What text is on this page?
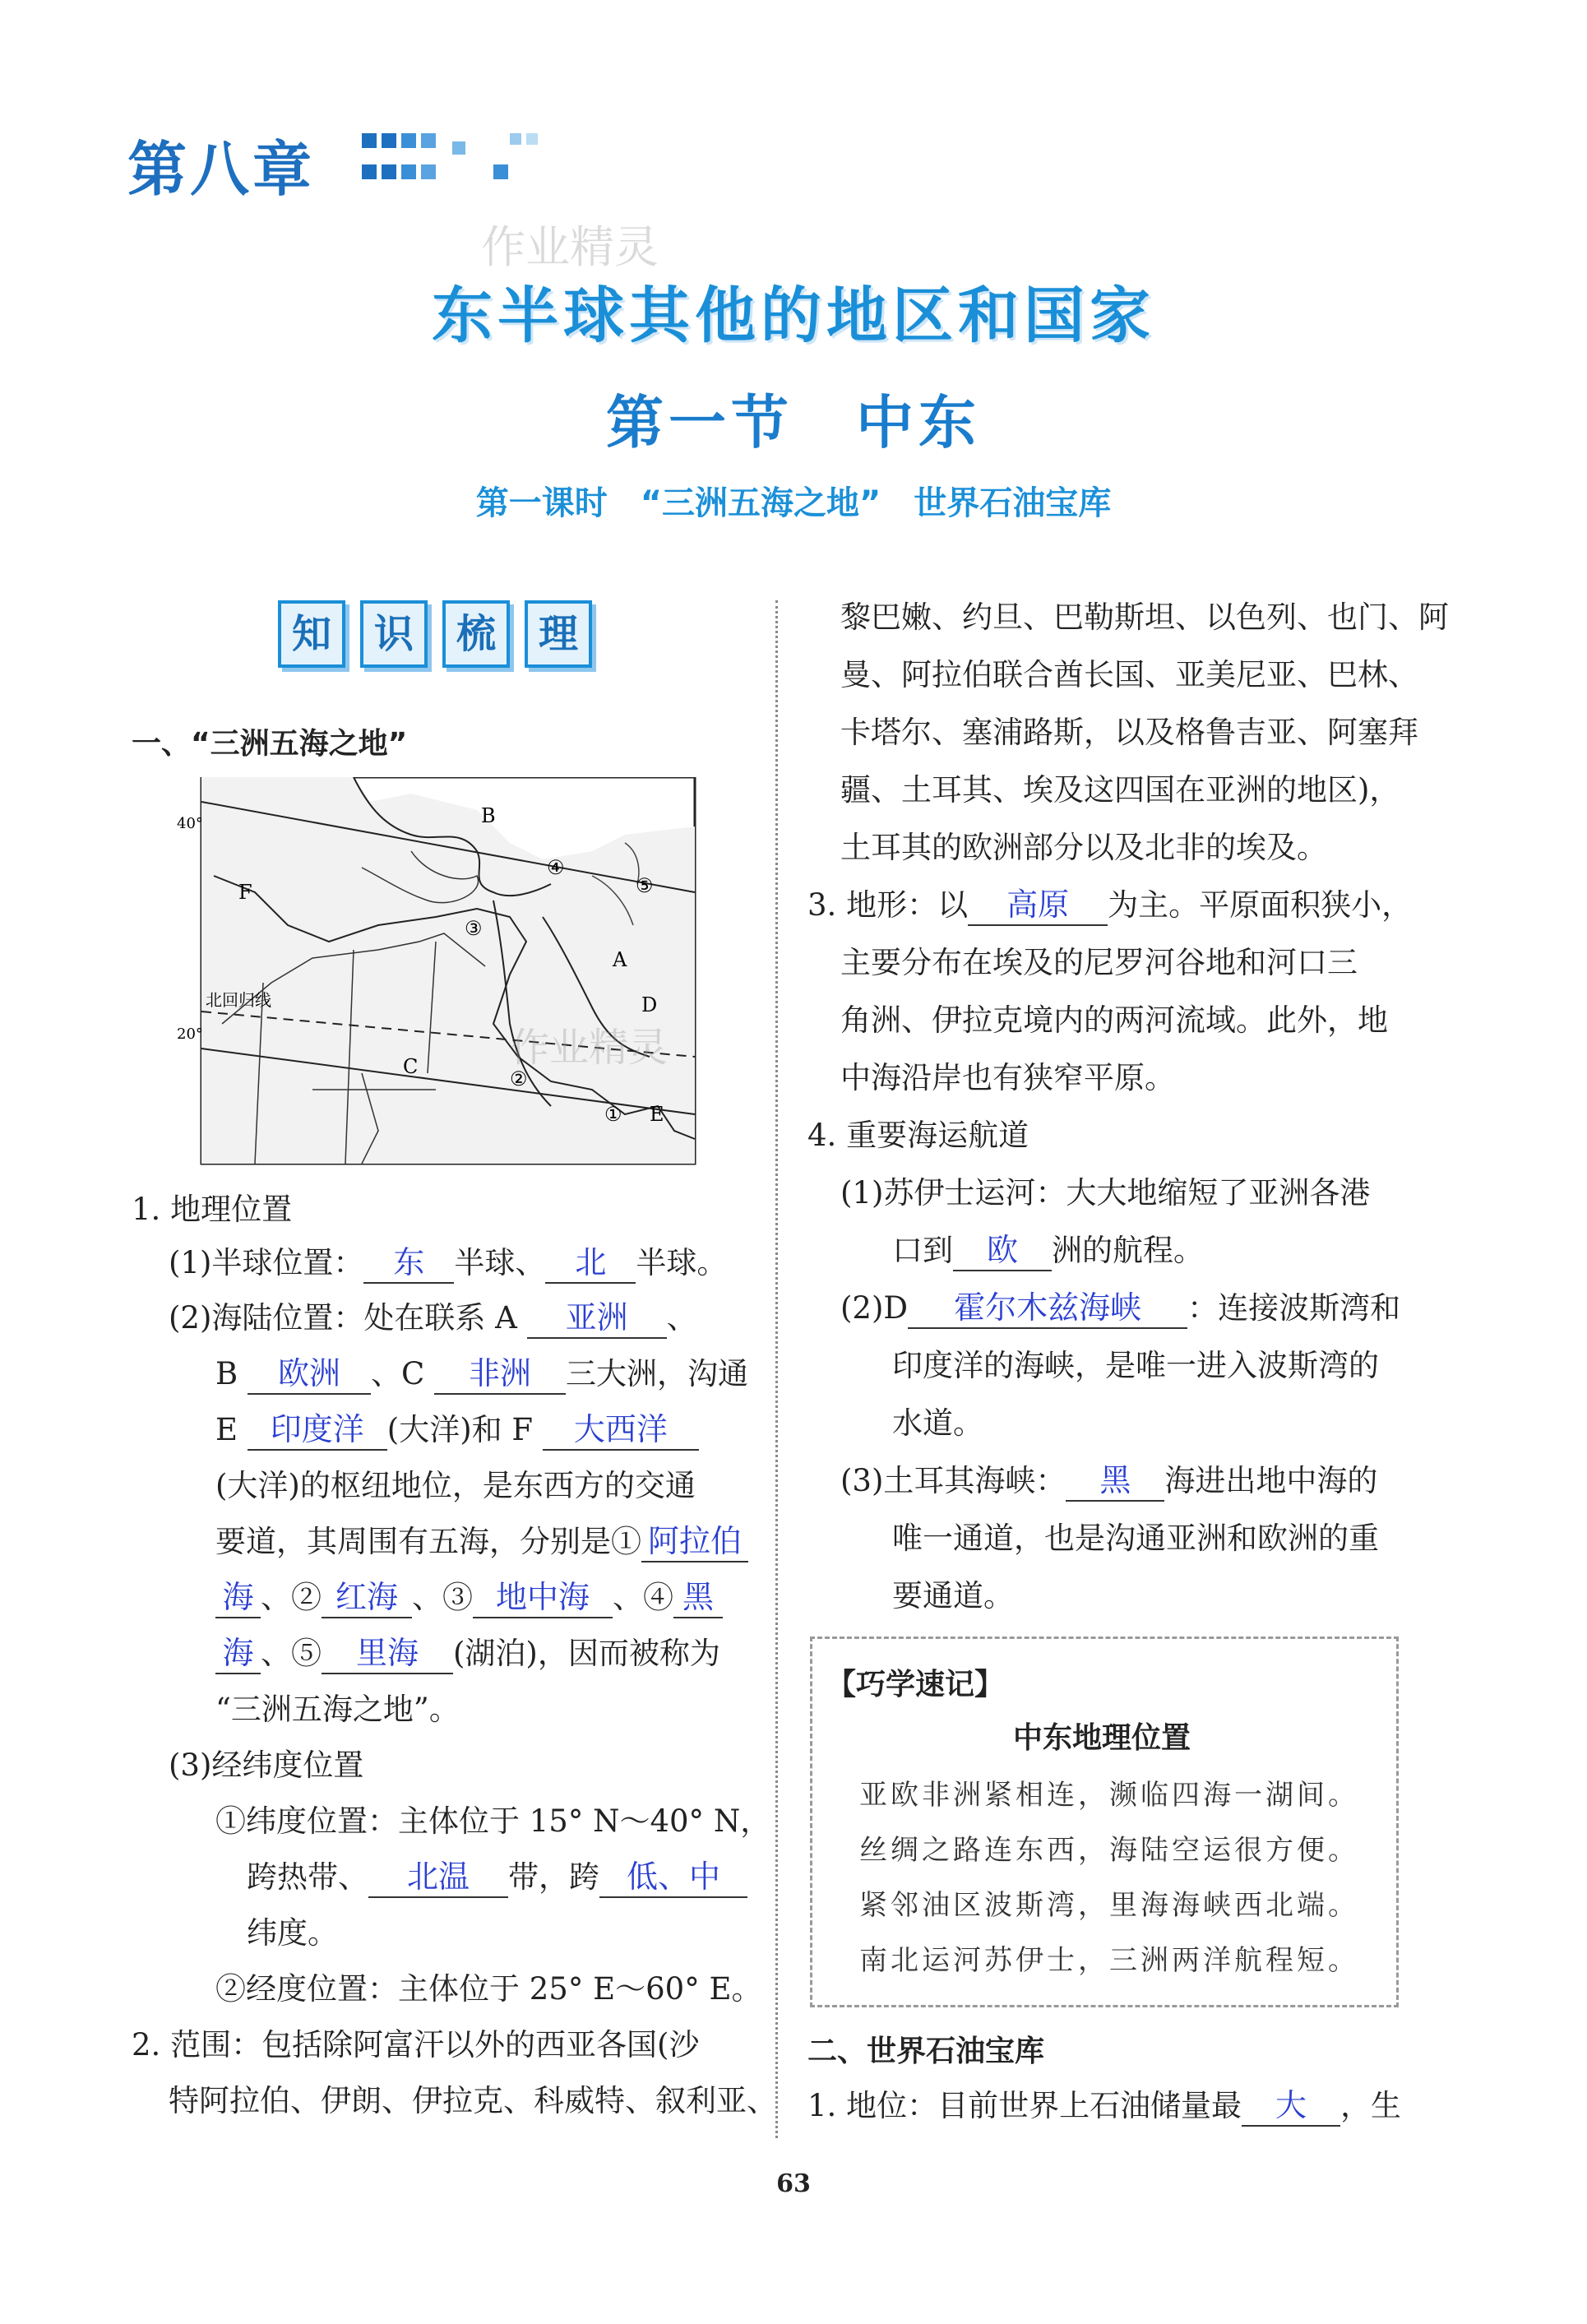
第八章
作业精灵
东半球其他的地区和国家
第一节　中东
第一课时　“三洲五海之地”　世界石油宝库
知	识	梳	理
一、“三洲五海之地”
40°
20°
北回归线
B
F
A
C
D
E
①
②
③
④
⑤
作业精灵
1. 地理位置
(1)半球位置： 东 半球、 北 半球。
(2)海陆位置：处在联系 A 亚洲 、
B 欧洲 、C 非洲 三大洲，沟通
E 印度洋 (大洋)和 F 大西洋
(大洋)的枢纽地位，是东西方的交通
要道，其周围有五海，分别是① 阿拉伯
海 、② 红海 、③ 地中海 、④ 黑
海 、⑤ 里海 (湖泊)，因而被称为
“三洲五海之地”。
(3)经纬度位置
①纬度位置：主体位于 15° N～40° N，
跨热带、 北温 带，跨 低、中
纬度。
②经度位置：主体位于 25° E～60° E。
2. 范围：包括除阿富汗以外的西亚各国(沙
特阿拉伯、伊朗、伊拉克、科威特、叙利亚、
黎巴嫩、约旦、巴勒斯坦、以色列、也门、阿
曼、阿拉伯联合酋长国、亚美尼亚、巴林、
卡塔尔、塞浦路斯，以及格鲁吉亚、阿塞拜
疆、土耳其、埃及这四国在亚洲的地区)，
土耳其的欧洲部分以及北非的埃及。
3. 地形：以 高原 为主。平原面积狭小，
主要分布在埃及的尼罗河谷地和河口三
角洲、伊拉克境内的两河流域。此外，地
中海沿岸也有狭窄平原。
4. 重要海运航道
(1)苏伊士运河：大大地缩短了亚洲各港
口到 欧 洲的航程。
(2)D 霍尔木兹海峡 ：连接波斯湾和
印度洋的海峡，是唯一进入波斯湾的
水道。
(3)土耳其海峡： 黑 海进出地中海的
唯一通道，也是沟通亚洲和欧洲的重
要通道。
【巧学速记】
中东地理位置
亚欧非洲紧相连，濒临四海一湖间。
丝绸之路连东西，海陆空运很方便。
紧邻油区波斯湾，里海海峡西北端。
南北运河苏伊士，三洲两洋航程短。
二、世界石油宝库
1. 地位：目前世界上石油储量最 大 ，生
63
